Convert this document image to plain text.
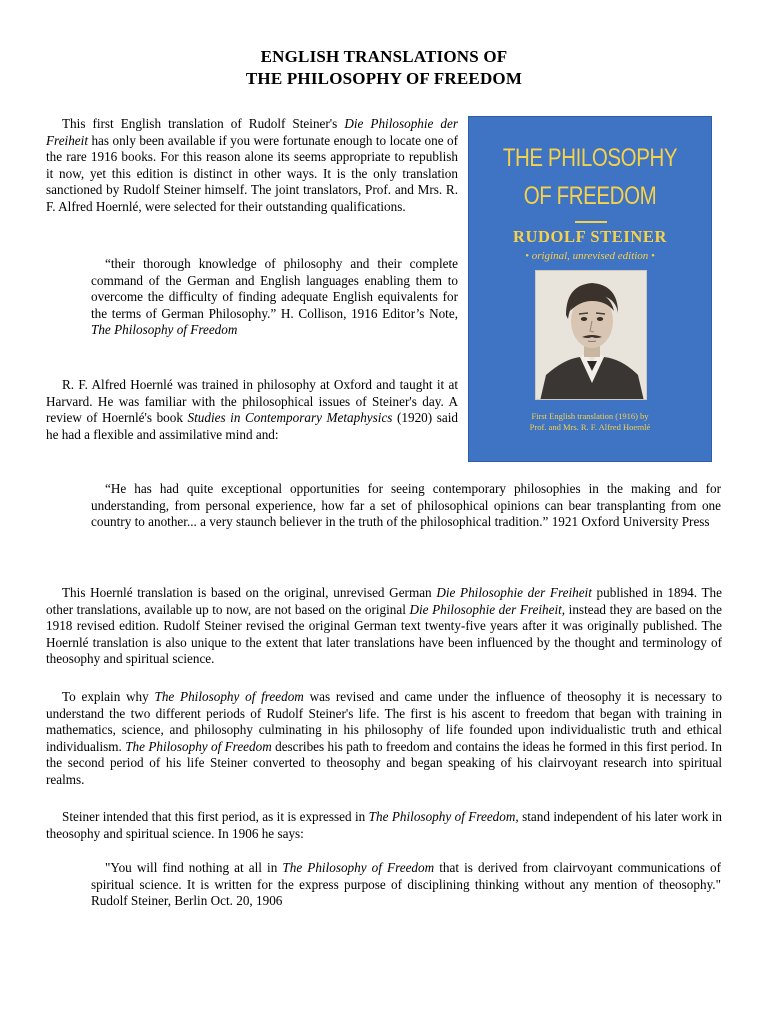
ENGLISH TRANSLATIONS OF
THE PHILOSOPHY OF FREEDOM

This first English translation of Rudolf Steiner's Die Philosophie der Freiheit has only been available if you were fortunate enough to locate one of the rare 1916 books. For this reason alone its seems appropriate to republish it now, yet this edition is distinct in other ways. It is the only translation sanctioned by Rudolf Steiner himself. The joint translators, Prof. and Mrs. R. F. Alfred Hoernlé, were selected for their outstanding qualifications.

“their thorough knowledge of philosophy and their complete command of the German and English languages enabling them to overcome the difficulty of finding adequate English equivalents for the terms of German Philosophy.” H. Collison, 1916 Editor’s Note, The Philosophy of Freedom

R. F. Alfred Hoernlé was trained in philosophy at Oxford and taught it at Harvard. He was familiar with the philosophical issues of Steiner's day. A review of Hoernlé's book Studies in Contemporary Metaphysics (1920) said he had a flexible and assimilative mind and:

THE PHILOSOPHY
OF FREEDOM
RUDOLF STEINER
• original, unrevised edition •
First English translation (1916) by
Prof. and Mrs. R. F. Alfred Hoernlé

“He has had quite exceptional opportunities for seeing contemporary philosophies in the making and for understanding, from personal experience, how far a set of philosophical opinions can bear transplanting from one country to another... a very staunch believer in the truth of the philosophical tradition.” 1921 Oxford University Press

This Hoernlé translation is based on the original, unrevised German Die Philosophie der Freiheit published in 1894. The other translations, available up to now, are not based on the original Die Philosophie der Freiheit, instead they are based on the 1918 revised edition. Rudolf Steiner revised the original German text twenty-five years after it was originally published. The Hoernlé translation is also unique to the extent that later translations have been influenced by the thought and terminology of theosophy and spiritual science.

To explain why The Philosophy of freedom was revised and came under the influence of theosophy it is necessary to understand the two different periods of Rudolf Steiner's life. The first is his ascent to freedom that began with training in mathematics, science, and philosophy culminating in his philosophy of life founded upon individualistic truth and ethical individualism. The Philosophy of Freedom describes his path to freedom and contains the ideas he formed in this first period. In the second period of his life Steiner converted to theosophy and began speaking of his clairvoyant research into spiritual realms.

Steiner intended that this first period, as it is expressed in The Philosophy of Freedom, stand independent of his later work in theosophy and spiritual science. In 1906 he says:

"You will find nothing at all in The Philosophy of Freedom that is derived from clairvoyant communications of spiritual science. It is written for the express purpose of disciplining thinking without any mention of theosophy." Rudolf Steiner, Berlin Oct. 20, 1906
